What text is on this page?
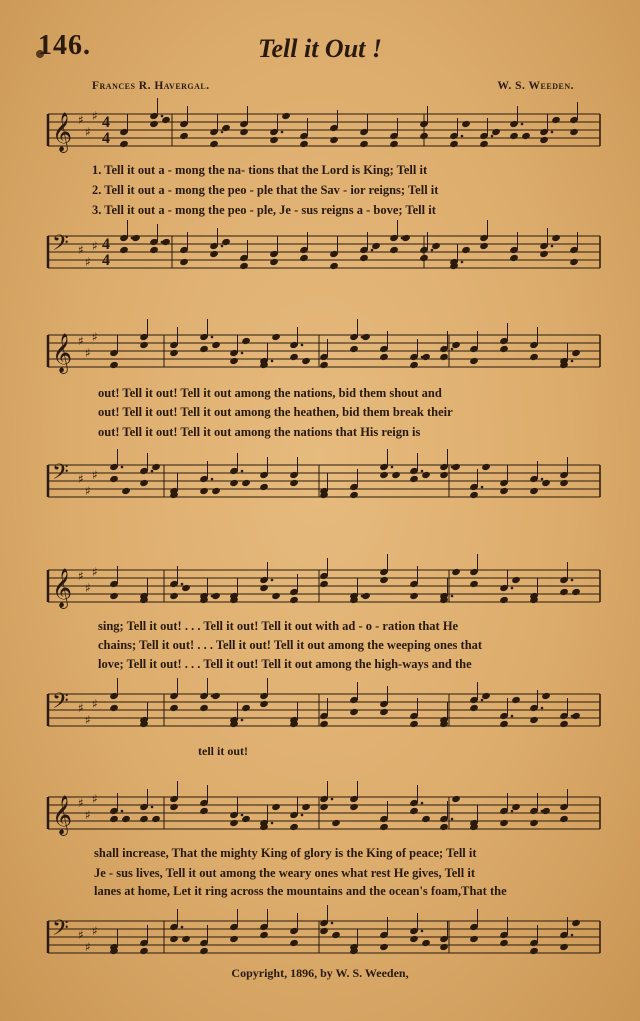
146.	Tell it Out !
Frances R. Havergal.	W. S. Weeden.
𝄞 ♯
♯
♯ 4
4
𝄢 ♯
♯
♯ 4
4
1. Tell it out a - mong the na- tions that the Lord is King; Tell it
2. Tell it out a - mong the peo - ple that the Sav - ior reigns; Tell it
3. Tell it out a - mong the peo - ple, Je - sus reigns a - bove; Tell it
𝄞 ♯
♯
♯
𝄢 ♯
♯
♯
out! Tell it out! Tell it out among the nations, bid them shout and
out! Tell it out! Tell it out among the heathen, bid them break their
out! Tell it out! Tell it out among the nations that His reign is
𝄞 ♯
♯
♯
𝄢 ♯
♯
♯
sing; Tell it out! . . . Tell it out! Tell it out with ad - o - ration that He
chains; Tell it out! . . . Tell it out! Tell it out among the weeping ones that
love; Tell it out! . . . Tell it out! Tell it out among the high-ways and the
tell it out!
𝄞 ♯
♯
♯
𝄢 ♯
♯
♯
shall increase, That the mighty King of glory is the King of peace; Tell it
Je - sus lives, Tell it out among the weary ones what rest He gives, Tell it
lanes at home, Let it ring across the mountains and the ocean's foam,That the
Copyright, 1896, by W. S. Weeden,
